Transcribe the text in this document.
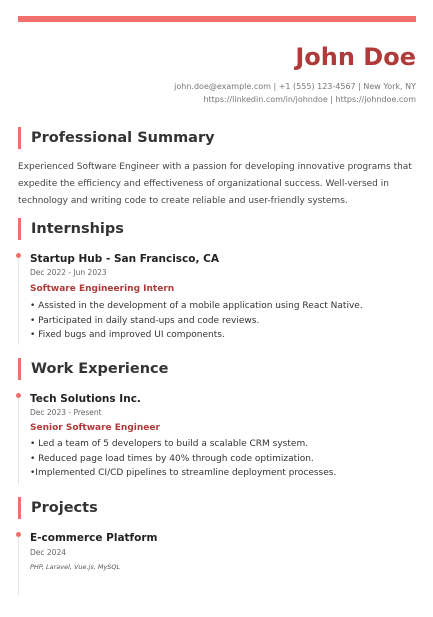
John Doe
john.doe@example.com | +1 (555) 123-4567 | New York, NY
https://linkedin.com/in/johndoe | https://johndoe.com
Professional Summary
Experienced Software Engineer with a passion for developing innovative programs that expedite the efficiency and effectiveness of organizational success. Well-versed in technology and writing code to create reliable and user-friendly systems.
Internships
Startup Hub - San Francisco, CA
Dec 2022 - Jun 2023
Software Engineering Intern
• Assisted in the development of a mobile application using React Native.
• Participated in daily stand-ups and code reviews.
• Fixed bugs and improved UI components.
Work Experience
Tech Solutions Inc.
Dec 2023 - Present
Senior Software Engineer
• Led a team of 5 developers to build a scalable CRM system.
• Reduced page load times by 40% through code optimization.
•Implemented CI/CD pipelines to streamline deployment processes.
Projects
E-commerce Platform
Dec 2024
PHP, Laravel, Vue.js, MySQL
